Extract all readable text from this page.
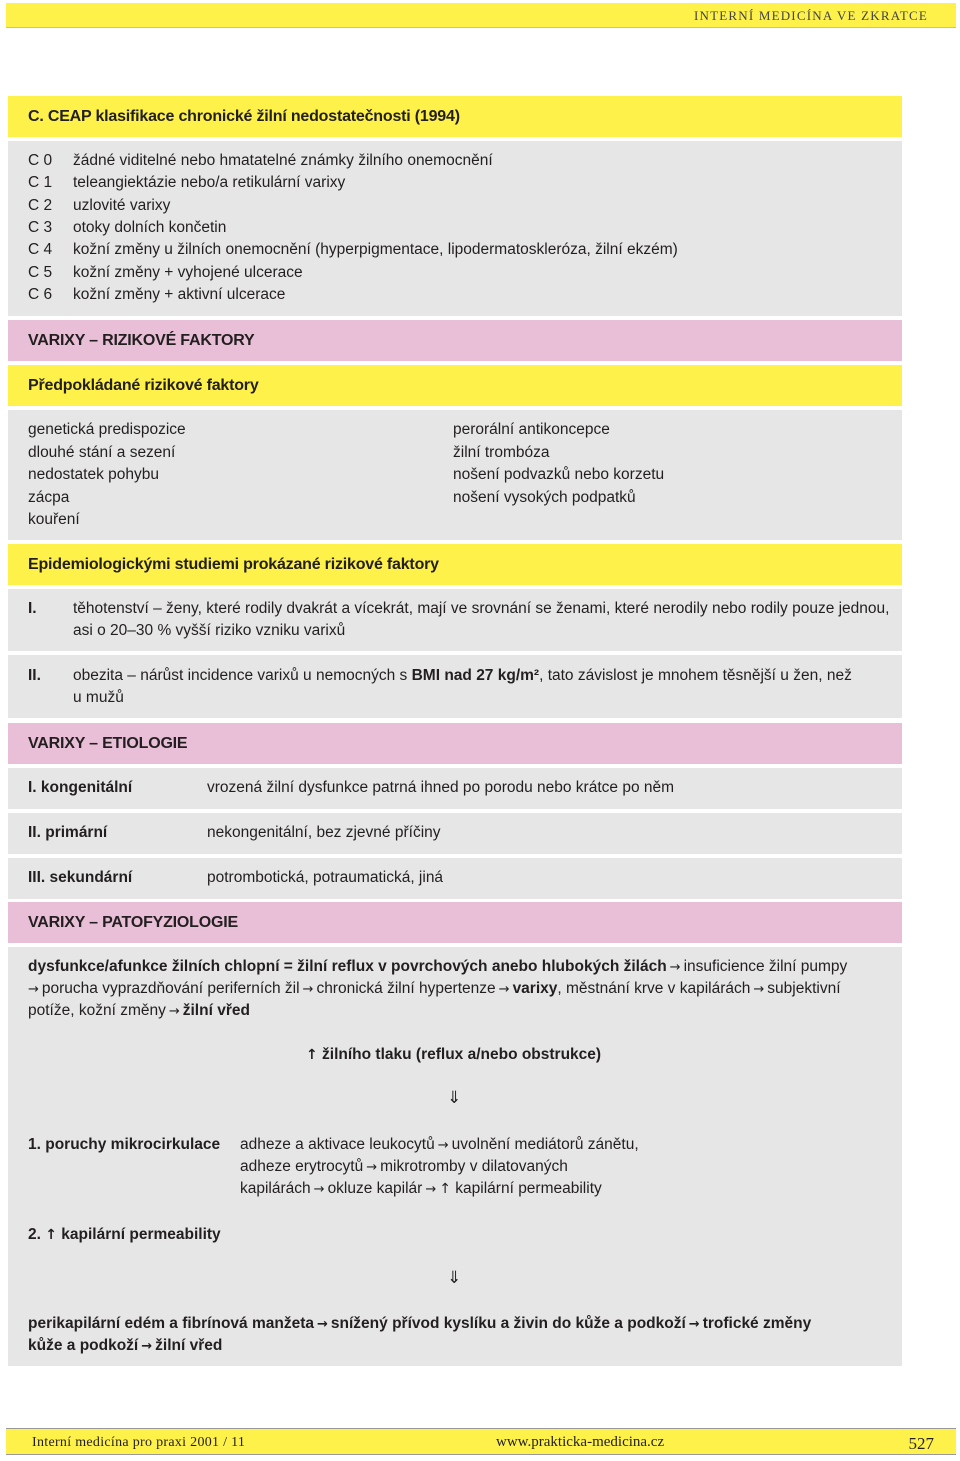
INTERNÍ MEDICÍNA VE ZKRATCE
C. CEAP klasifikace chronické žilní nedostatečnosti (1994)
C 0	žádné viditelné nebo hmatatelné známky žilního onemocnění
C 1	teleangiektázie nebo/a retikulární varixy
C 2	uzlovité varixy
C 3	otoky dolních končetin
C 4	kožní změny u žilních onemocnění (hyperpigmentace, lipodermatoskleróza, žilní ekzém)
C 5	kožní změny + vyhojené ulcerace
C 6	kožní změny + aktivní ulcerace
VARIXY – RIZIKOVÉ FAKTORY
Předpokládané rizikové faktory
genetická predispozice
dlouhé stání a sezení
nedostatek pohybu
zácpa
kouření
perorální antikoncepce
žilní trombóza
nošení podvazků nebo korzetu
nošení vysokých podpatků
Epidemiologickými studiemi prokázané rizikové faktory
I. těhotenství – ženy, které rodily dvakrát a vícekrát, mají ve srovnání se ženami, které nerodily nebo rodily pouze jednou,
asi o 20–30 % vyšší riziko vzniku varixů
II. obezita – nárůst incidence varixů u nemocných s BMI nad 27 kg/m², tato závislost je mnohem těsnější u žen, než
u mužů
VARIXY – ETIOLOGIE
I. kongenitální	vrozená žilní dysfunkce patrná ihned po porodu nebo krátce po něm
II. primární	nekongenitální, bez zjevné příčiny
III. sekundární	potrombotická, potraumatická, jiná
VARIXY – PATOFYZIOLOGIE
dysfunkce/afunkce žilních chlopní = žilní reflux v povrchových anebo hlubokých žilách → insuficience žilní pumpy
→ porucha vyprazdňování periferních žil → chronická žilní hypertenze → varixy, městnání krve v kapilárách → subjektivní
potíže, kožní změny → žilní vřed
↑ žilního tlaku (reflux a/nebo obstrukce)
⇓
1. poruchy mikrocirkulace adheze a aktivace leukocytů → uvolnění mediátorů zánětu,
adheze erytrocytů → mikrotromby v dilatovaných
kapilárách → okluze kapilár → ↑ kapilární permeability
2. ↑ kapilární permeability
⇓
perikapilární edém a fibrínová manžeta → snížený přívod kyslíku a živin do kůže a podkoží → trofické změny
kůže a podkoží → žilní vřed
Interní medicína pro praxi 2001 / 11	www.prakticka-medicina.cz	527
